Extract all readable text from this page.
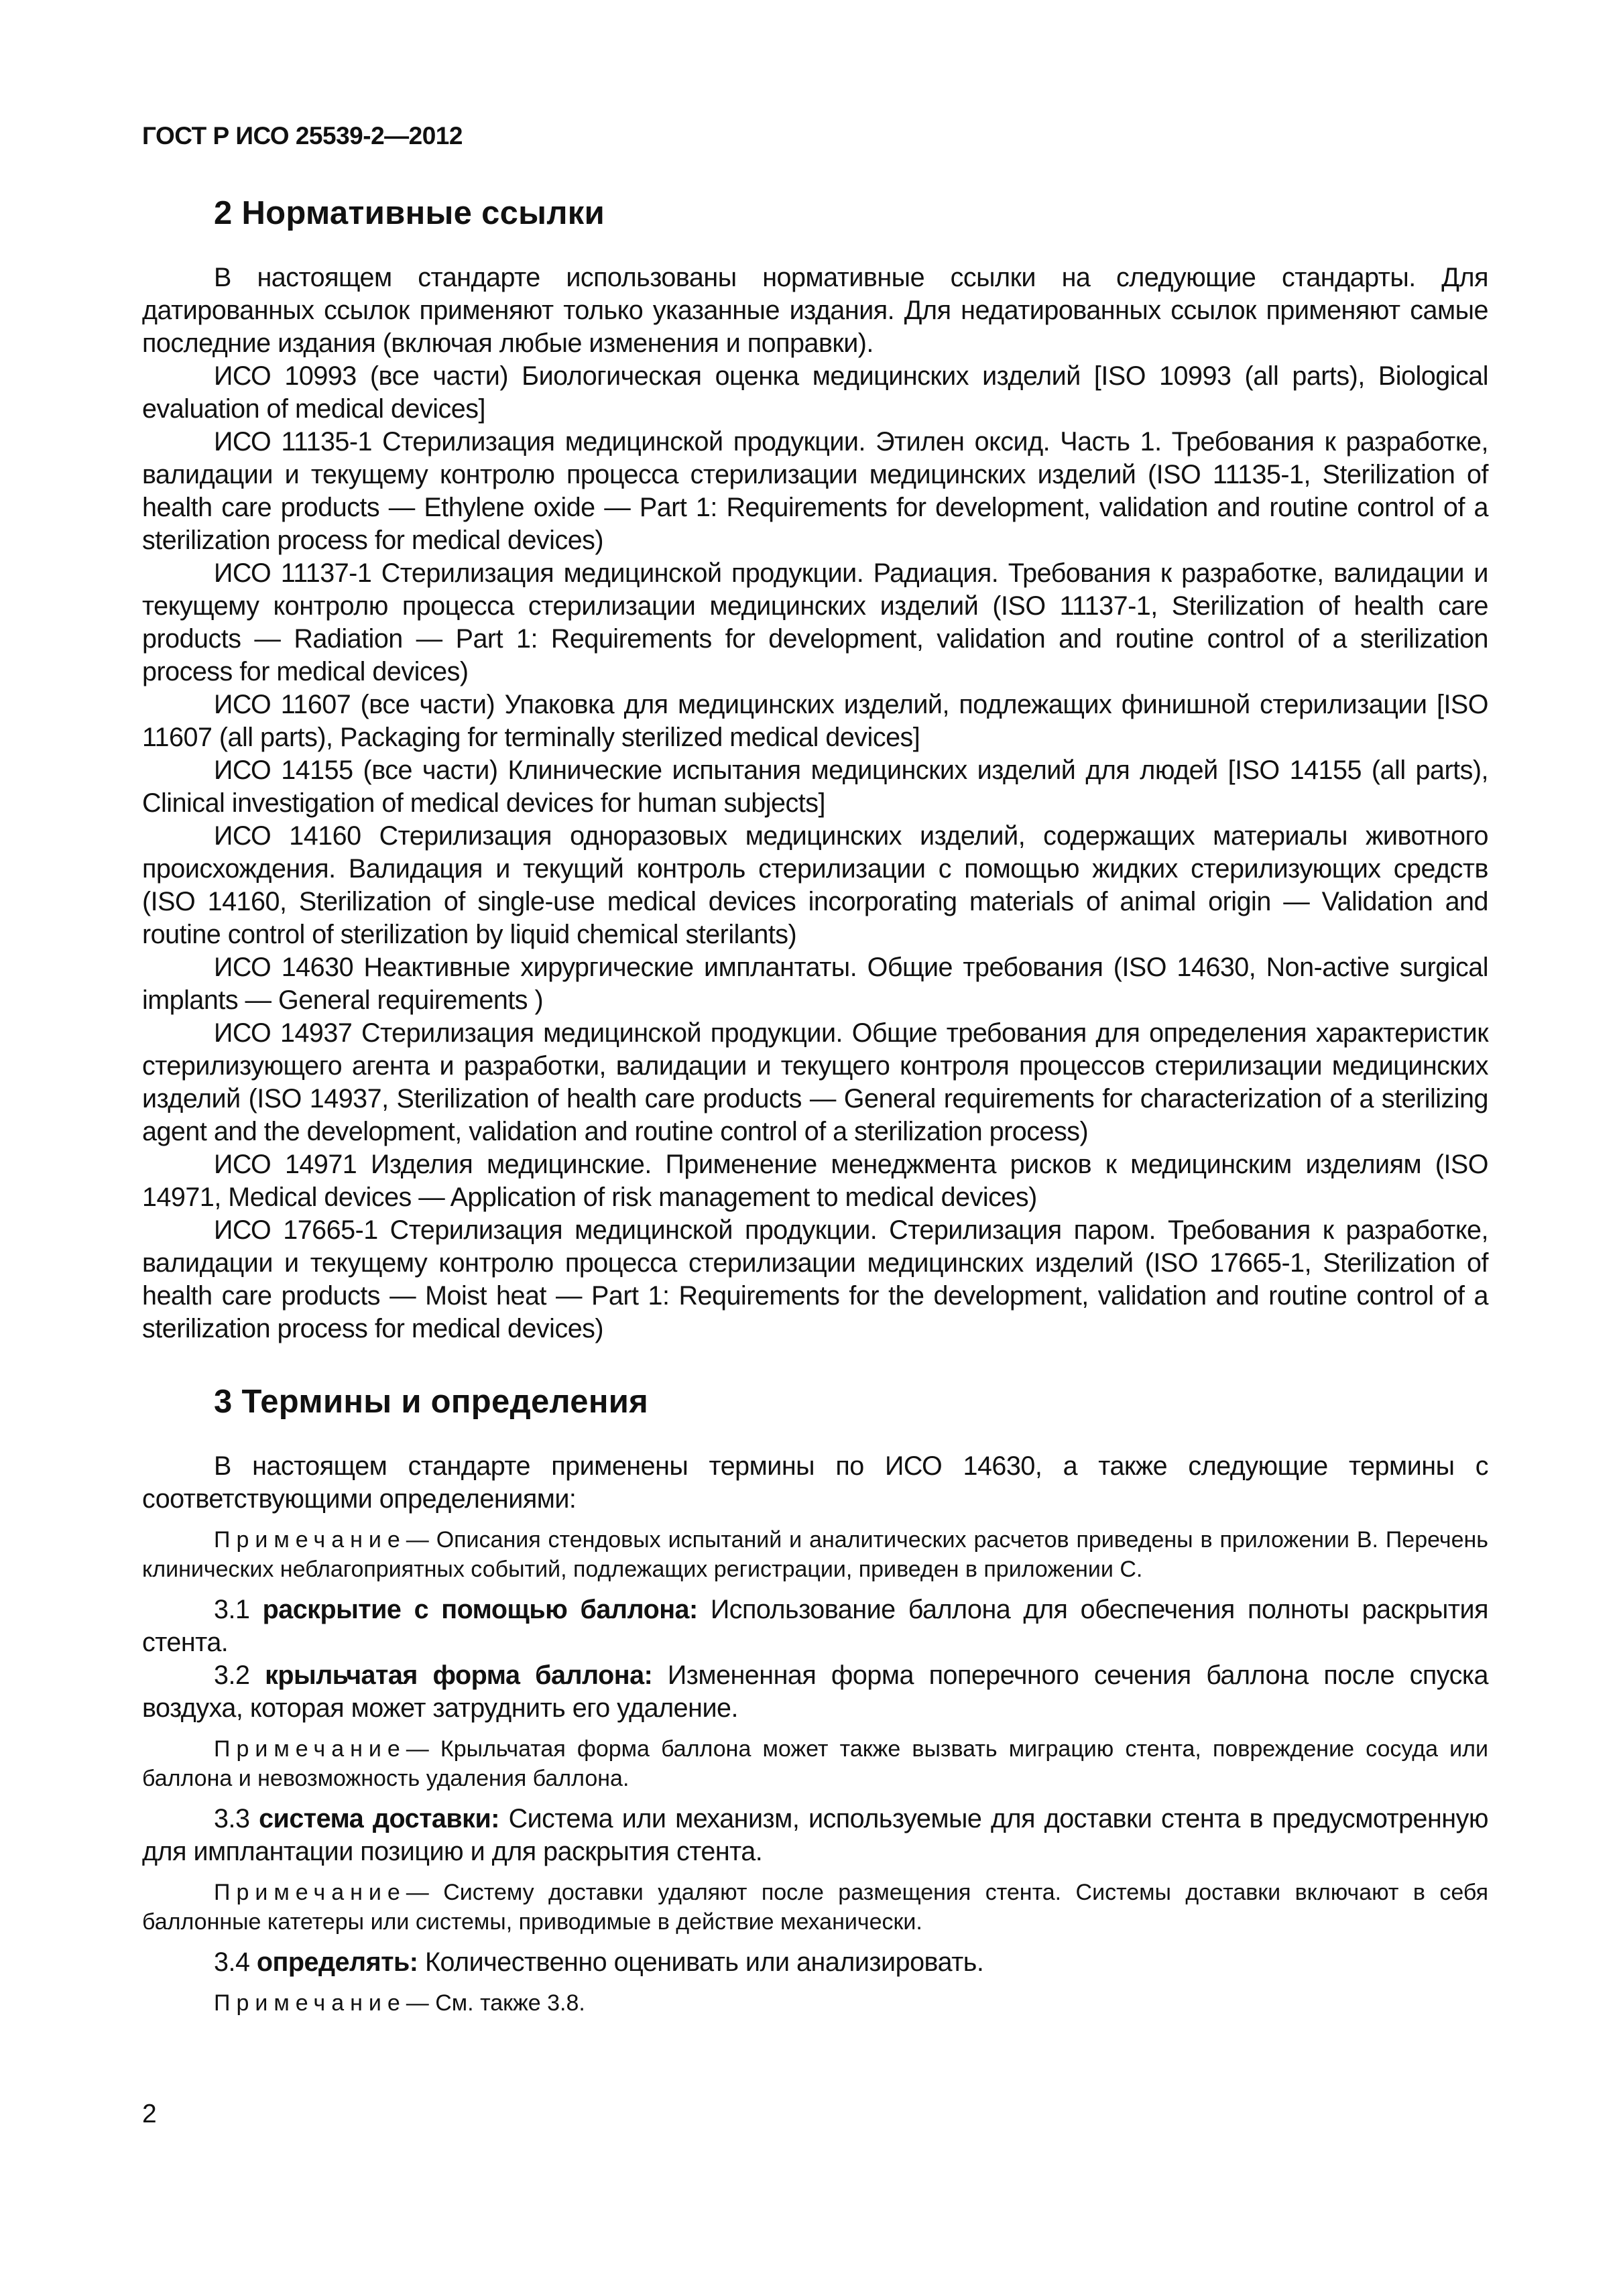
ГОСТ Р ИСО 25539-2—2012
2 Нормативные ссылки

В настоящем стандарте использованы нормативные ссылки на следующие стандарты. Для датированных ссылок применяют только указанные издания. Для недатированных ссылок применяют самые последние издания (включая любые изменения и поправки).

ИСО 10993 (все части) Биологическая оценка медицинских изделий [ISO 10993 (all parts), Biological evaluation of medical devices]

ИСО 11135-1 Стерилизация медицинской продукции. Этилен оксид. Часть 1. Требования к разработке, валидации и текущему контролю процесса стерилизации медицинских изделий (ISO 11135-1, Sterilization of health care products — Ethylene oxide — Part 1: Requirements for development, validation and routine control of a sterilization process for medical devices)

ИСО 11137-1 Стерилизация медицинской продукции. Радиация. Требования к разработке, валидации и текущему контролю процесса стерилизации медицинских изделий (ISO 11137-1, Sterilization of health care products — Radiation — Part 1: Requirements for development, validation and routine control of a sterilization process for medical devices)

ИСО 11607 (все части) Упаковка для медицинских изделий, подлежащих финишной стерилизации [ISO 11607 (all parts), Packaging for terminally sterilized medical devices]

ИСО 14155 (все части) Клинические испытания медицинских изделий для людей [ISO 14155 (all parts), Clinical investigation of medical devices for human subjects]

ИСО 14160 Стерилизация одноразовых медицинских изделий, содержащих материалы животного происхождения. Валидация и текущий контроль стерилизации с помощью жидких стерилизующих средств (ISO 14160, Sterilization of single-use medical devices incorporating materials of animal origin — Validation and routine control of sterilization by liquid chemical sterilants)

ИСО 14630 Неактивные хирургические имплантаты. Общие требования (ISO 14630, Non-active surgical implants — General requirements )

ИСО 14937 Стерилизация медицинской продукции. Общие требования для определения характеристик стерилизующего агента и разработки, валидации и текущего контроля процессов стерилизации медицинских изделий (ISO 14937, Sterilization of health care products — General requirements for characterization of a sterilizing agent and the development, validation and routine control of a sterilization process)

ИСО 14971 Изделия медицинские. Применение менеджмента рисков к медицинским изделиям (ISO 14971, Medical devices — Application of risk management to medical devices)

ИСО 17665-1 Стерилизация медицинской продукции. Стерилизация паром. Требования к разработке, валидации и текущему контролю процесса стерилизации медицинских изделий (ISO 17665-1, Sterilization of health care products — Moist heat — Part 1: Requirements for the development, validation and routine control of a sterilization process for medical devices)

3 Термины и определения

В настоящем стандарте применены термины по ИСО 14630, а также следующие термины с соответствующими определениями:

Примечание— Описания стендовых испытаний и аналитических расчетов приведены в приложении В. Перечень клинических неблагоприятных событий, подлежащих регистрации, приведен в приложении С.

3.1 раскрытие с помощью баллона: Использование баллона для обеспечения полноты раскрытия стента.

3.2 крыльчатая форма баллона: Измененная форма поперечного сечения баллона после спуска воздуха, которая может затруднить его удаление.

Примечание— Крыльчатая форма баллона может также вызвать миграцию стента, повреждение сосуда или баллона и невозможность удаления баллона.

3.3 система доставки: Система или механизм, используемые для доставки стента в предусмотренную для имплантации позицию и для раскрытия стента.

Примечание— Систему доставки удаляют после размещения стента. Системы доставки включают в себя баллонные катетеры или системы, приводимые в действие механически.

3.4 определять: Количественно оценивать или анализировать.

Примечание— См. также 3.8.

2
